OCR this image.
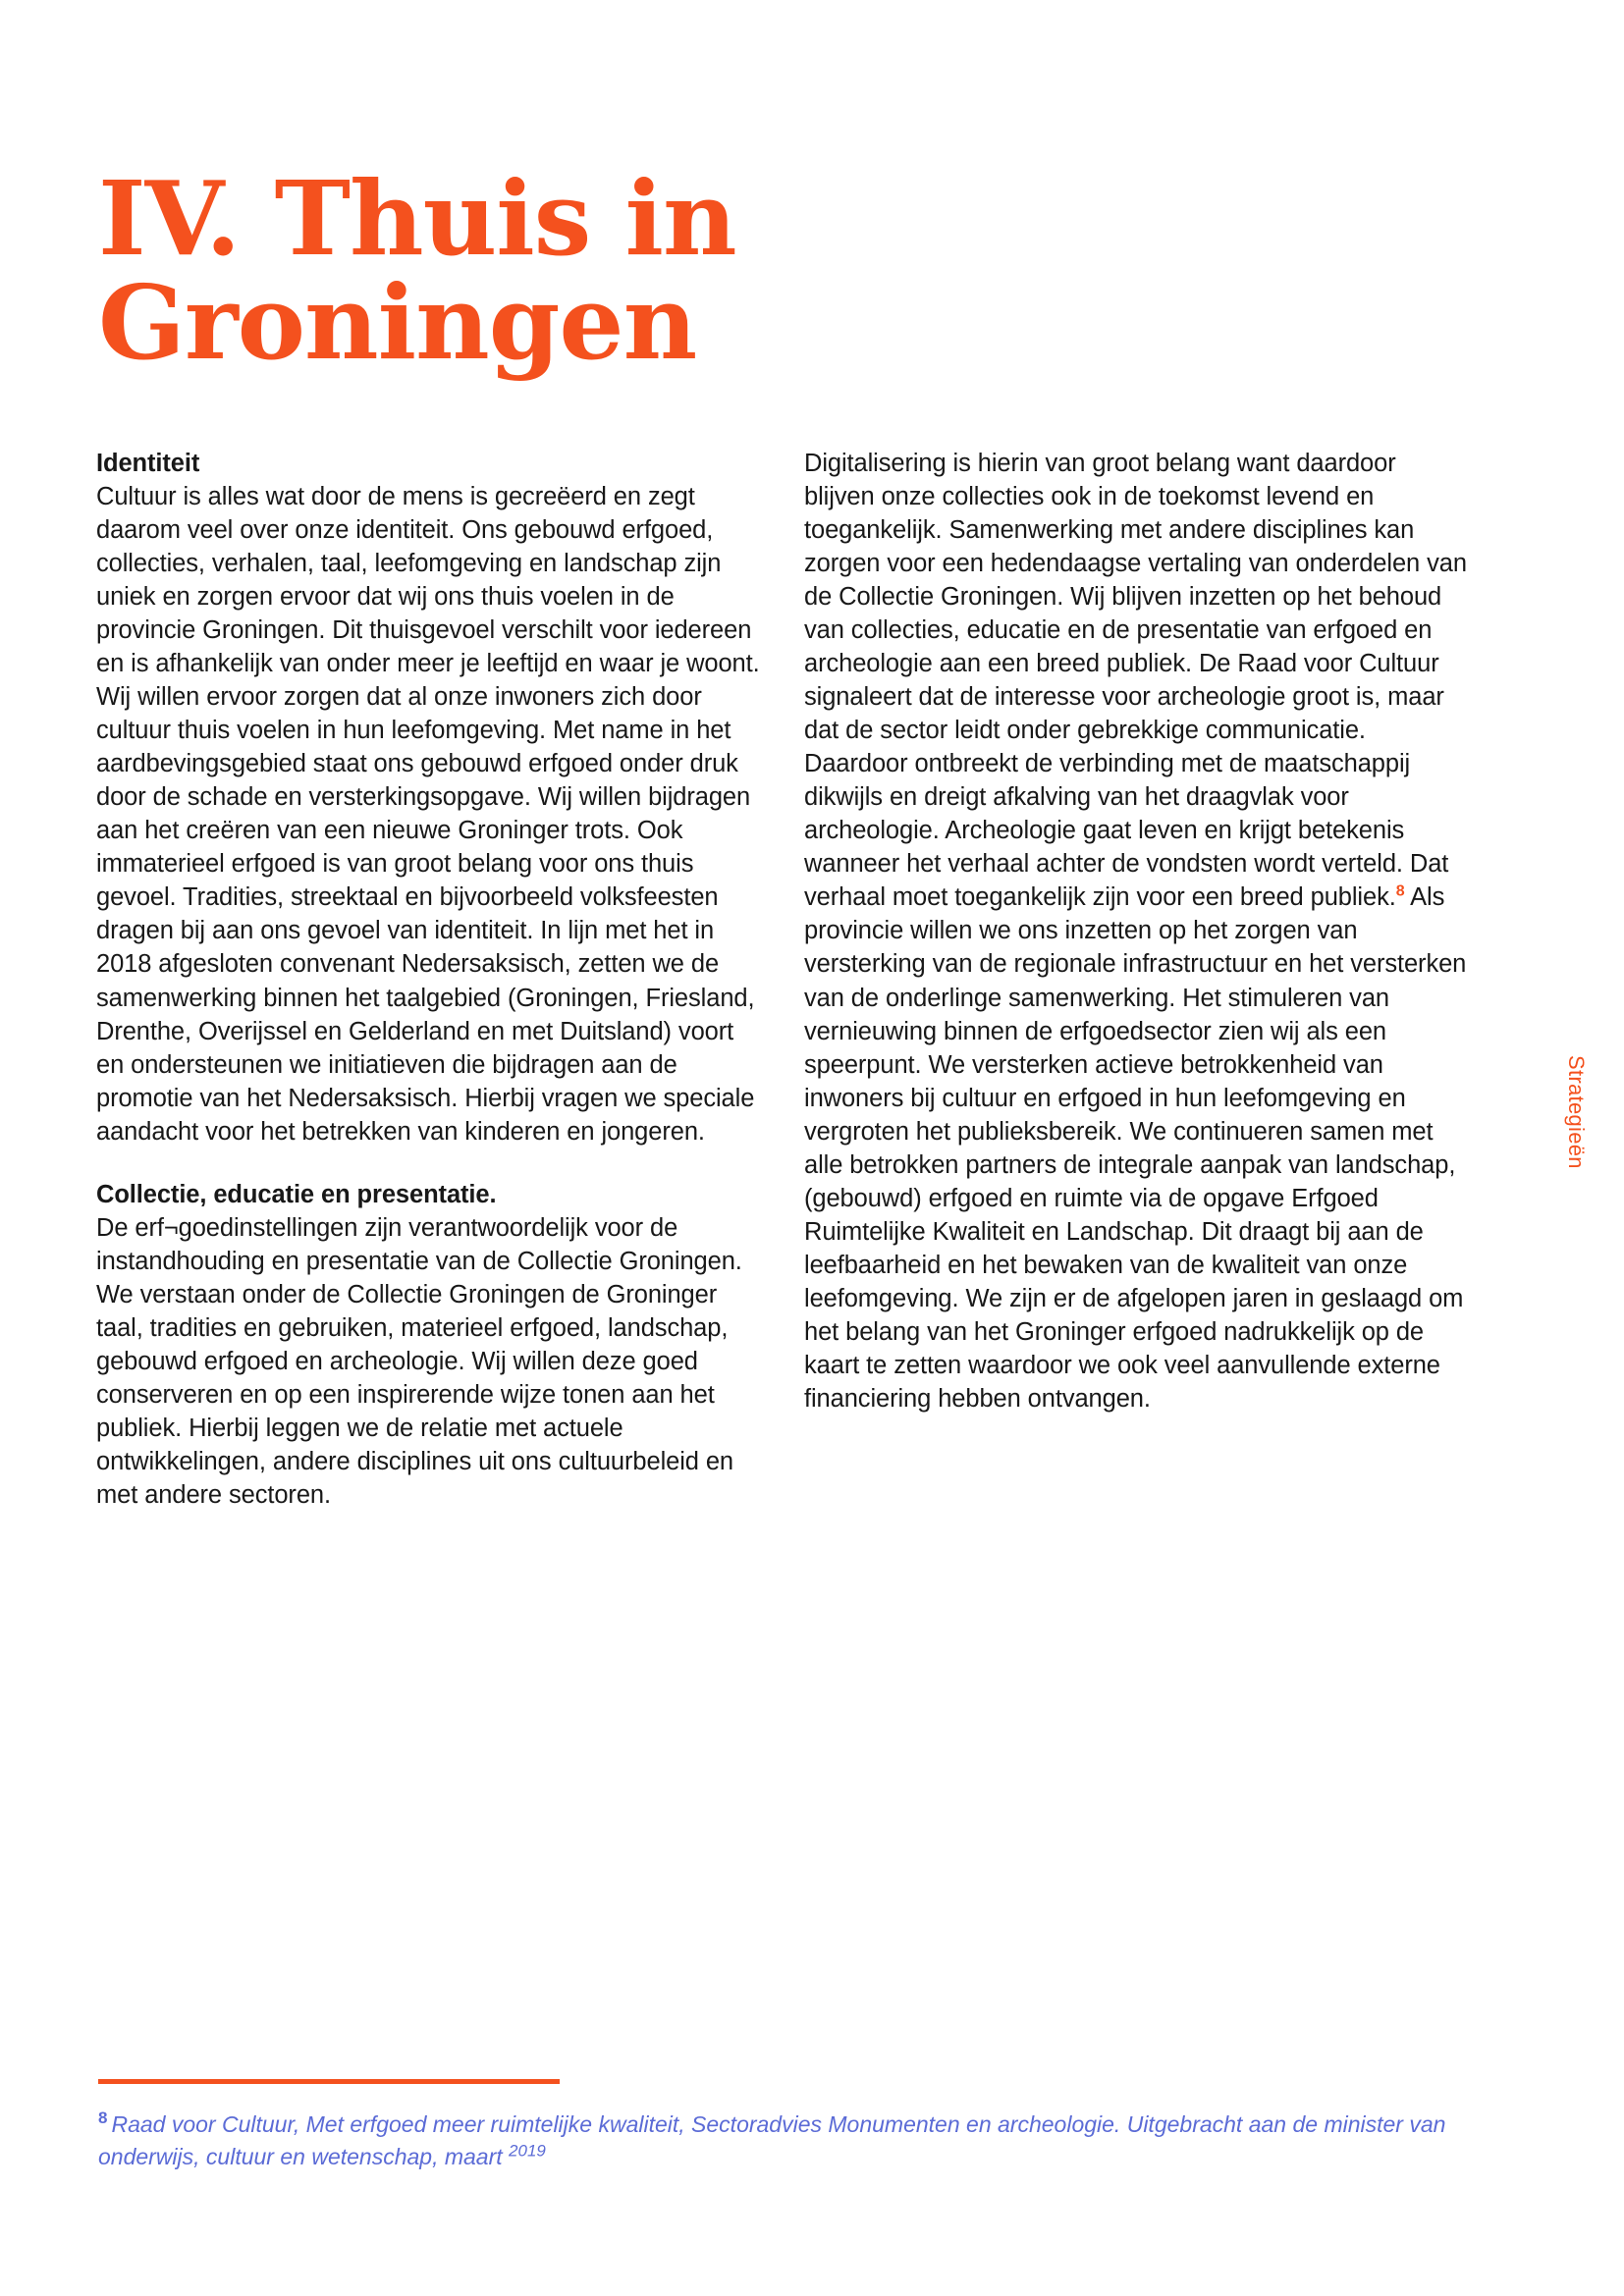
IV. Thuis in
Groningen

Identiteit

Cultuur is alles wat door de mens is gecreëerd en zegt daarom veel over onze identiteit. Ons gebouwd erfgoed, collecties, verhalen, taal, leefomgeving en landschap zijn uniek en zorgen ervoor dat wij ons thuis voelen in de provincie Groningen. Dit thuisgevoel verschilt voor iedereen en is afhankelijk van onder meer je leeftijd en waar je woont. Wij willen ervoor zorgen dat al onze inwoners zich door cultuur thuis voelen in hun leefomgeving. Met name in het aardbevingsgebied staat ons gebouwd erfgoed onder druk door de schade en versterkingsopgave. Wij willen bijdragen aan het creëren van een nieuwe Groninger trots. Ook immaterieel erfgoed is van groot belang voor ons thuis gevoel. Tradities, streektaal en bijvoorbeeld volksfeesten dragen bij aan ons gevoel van identiteit. In lijn met het in 2018 afgesloten convenant Nedersaksisch, zetten we de samenwerking binnen het taalgebied (Groningen, Friesland, Drenthe, Overijssel en Gelderland en met Duitsland) voort en ondersteunen we initiatieven die bijdragen aan de promotie van het Nedersaksisch. Hierbij vragen we speciale aandacht voor het betrekken van kinderen en jongeren.

Collectie, educatie en presentatie.

De erf¬goedinstellingen zijn verantwoordelijk voor de instandhouding en presentatie van de Collectie Groningen. We verstaan onder de Collectie Groningen de Groninger taal, tradities en gebruiken, materieel erfgoed, landschap, gebouwd erfgoed en archeologie. Wij willen deze goed conserveren en op een inspirerende wijze tonen aan het publiek. Hierbij leggen we de relatie met actuele ontwikkelingen, andere disciplines uit ons cultuurbeleid en met andere sectoren.

Digitalisering is hierin van groot belang want daardoor blijven onze collecties ook in de toekomst levend en toegankelijk. Samenwerking met andere disciplines kan zorgen voor een hedendaagse vertaling van onderdelen van de Collectie Groningen. Wij blijven inzetten op het behoud van collecties, educatie en de presentatie van erfgoed en archeologie aan een breed publiek. De Raad voor Cultuur signaleert dat de interesse voor archeologie groot is, maar dat de sector leidt onder gebrekkige communicatie. Daardoor ontbreekt de verbinding met de maatschappij dikwijls en dreigt afkalving van het draagvlak voor archeologie. Archeologie gaat leven en krijgt betekenis wanneer het verhaal achter de vondsten wordt verteld. Dat verhaal moet toegankelijk zijn voor een breed publiek.$^8$ Als provincie willen we ons inzetten op het zorgen van versterking van de regionale infrastructuur en het versterken van de onderlinge samenwerking. Het stimuleren van vernieuwing binnen de erfgoedsector zien wij als een speerpunt. We versterken actieve betrokkenheid van inwoners bij cultuur en erfgoed in hun leefomgeving en vergroten het publieksbereik. We continueren samen met alle betrokken partners de integrale aanpak van landschap, (gebouwd) erfgoed en ruimte via de opgave Erfgoed Ruimtelijke Kwaliteit en Landschap. Dit draagt bij aan de leefbaarheid en het bewaken van de kwaliteit van onze leefomgeving. We zijn er de afgelopen jaren in geslaagd om het belang van het Groninger erfgoed nadrukkelijk op de kaart te zetten waardoor we ook veel aanvullende externe financiering hebben ontvangen.

Strategieën
$^8$ Raad voor Cultuur, Met erfgoed meer ruimtelijke kwaliteit, Sectoradvies Monumenten en archeologie. Uitgebracht aan de minister van onderwijs, cultuur en wetenschap, maart $^{2019}$
